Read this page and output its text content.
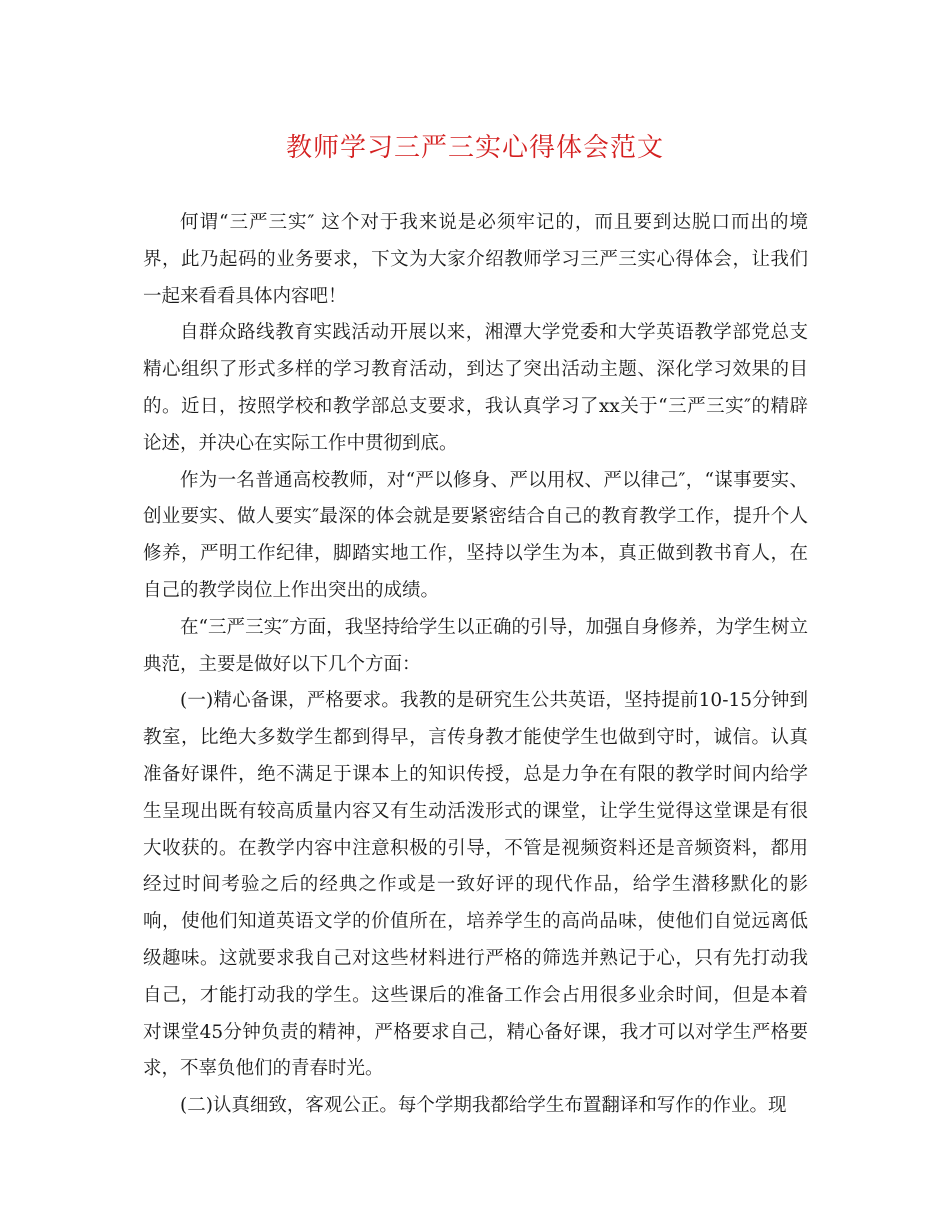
教师学习三严三实心得体会范文

何谓“三严三实″ 这个对于我来说是必须牢记的，而且要到达脱口而出的境界，此乃起码的业务要求，下文为大家介绍教师学习三严三实心得体会，让我们一起来看看具体内容吧！

自群众路线教育实践活动开展以来，湘潭大学党委和大学英语教学部党总支精心组织了形式多样的学习教育活动，到达了突出活动主题、深化学习效果的目的。近日，按照学校和教学部总支要求，我认真学习了xx关于“三严三实″的精辟论述，并决心在实际工作中贯彻到底。

作为一名普通高校教师，对“严以修身、严以用权、严以律己″，“谋事要实、创业要实、做人要实″最深的体会就是要紧密结合自己的教育教学工作，提升个人修养，严明工作纪律，脚踏实地工作，坚持以学生为本，真正做到教书育人，在自己的教学岗位上作出突出的成绩。

在“三严三实″方面，我坚持给学生以正确的引导，加强自身修养，为学生树立典范，主要是做好以下几个方面：

(一)精心备课，严格要求。我教的是研究生公共英语，坚持提前10-15分钟到教室，比绝大多数学生都到得早，言传身教才能使学生也做到守时，诚信。认真准备好课件，绝不满足于课本上的知识传授，总是力争在有限的教学时间内给学生呈现出既有较高质量内容又有生动活泼形式的课堂，让学生觉得这堂课是有很大收获的。在教学内容中注意积极的引导，不管是视频资料还是音频资料，都用经过时间考验之后的经典之作或是一致好评的现代作品，给学生潜移默化的影响，使他们知道英语文学的价值所在，培养学生的高尚品味，使他们自觉远离低级趣味。这就要求我自己对这些材料进行严格的筛选并熟记于心，只有先打动我自己，才能打动我的学生。这些课后的准备工作会占用很多业余时间，但是本着对课堂45分钟负责的精神，严格要求自己，精心备好课，我才可以对学生严格要求，不辜负他们的青春时光。

(二)认真细致，客观公正。每个学期我都给学生布置翻译和写作的作业。现
